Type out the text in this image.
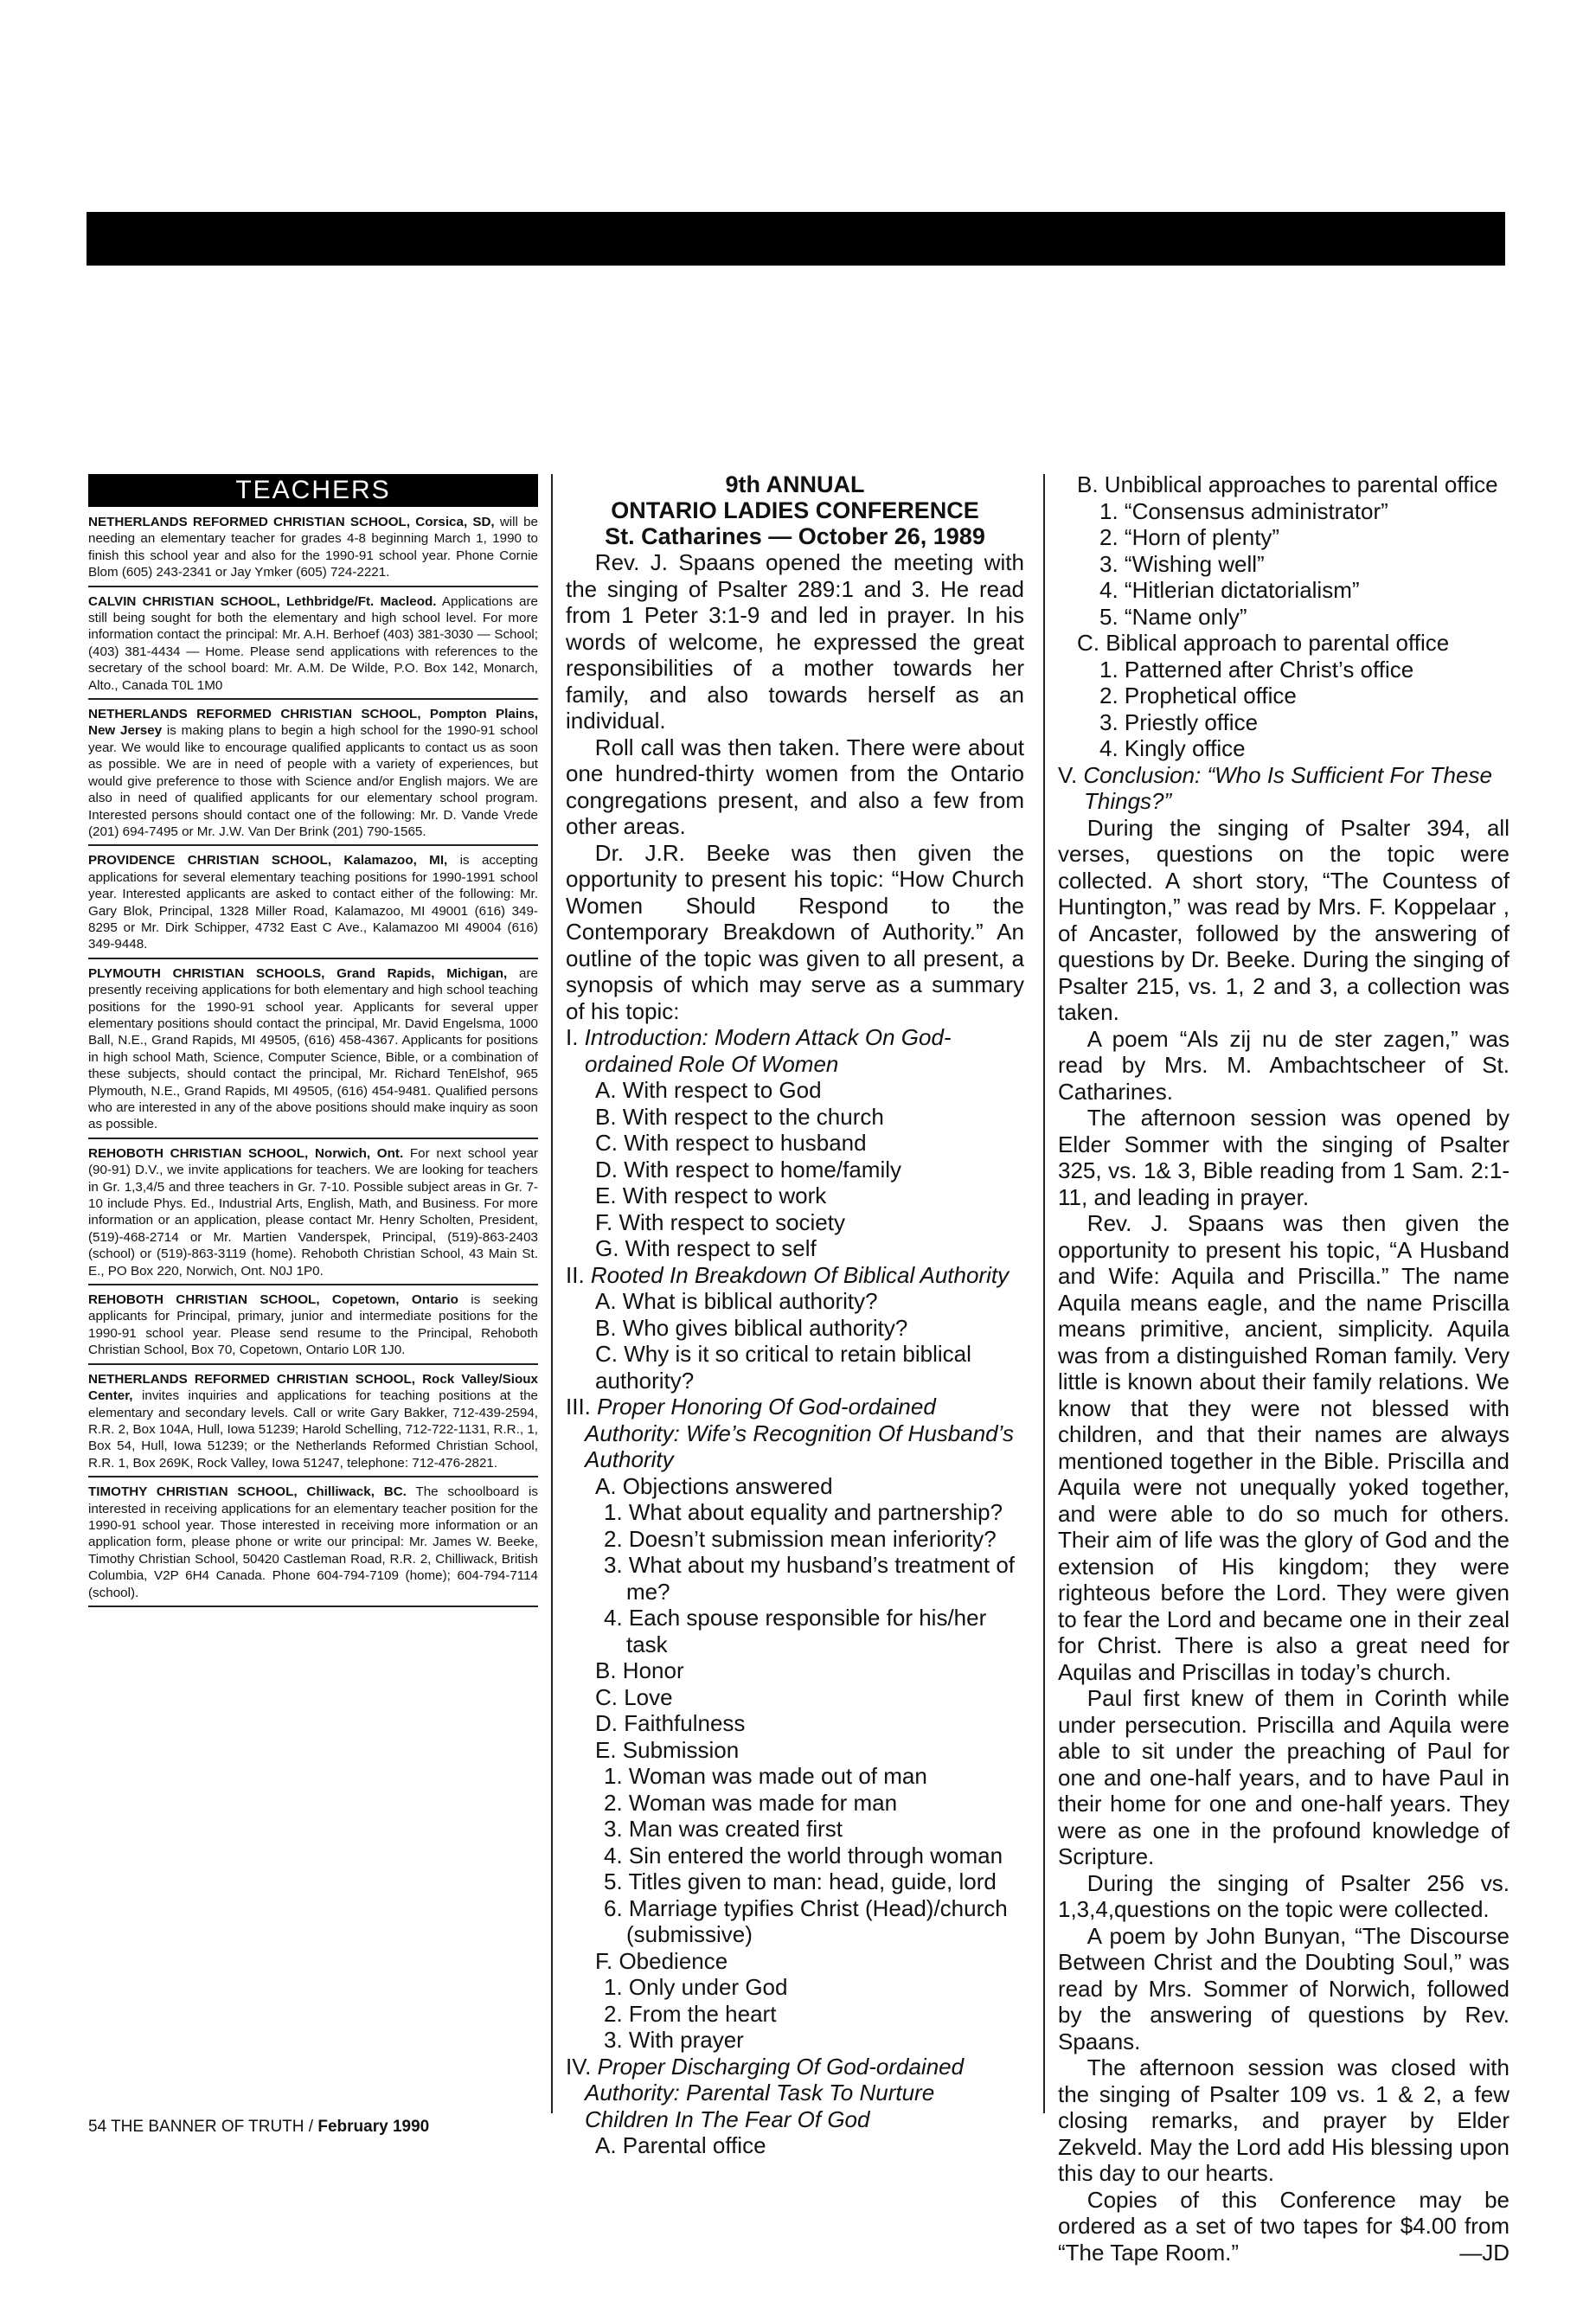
TEACHERS
NETHERLANDS REFORMED CHRISTIAN SCHOOL, Corsica, SD, will be needing an elementary teacher for grades 4-8 beginning March 1, 1990 to finish this school year and also for the 1990-91 school year. Phone Cornie Blom (605) 243-2341 or Jay Ymker (605) 724-2221.
CALVIN CHRISTIAN SCHOOL, Lethbridge/Ft. Macleod. Applications are still being sought for both the elementary and high school level. For more information contact the principal: Mr. A.H. Berhoef (403) 381-3030 — School; (403) 381-4434 — Home. Please send applications with references to the secretary of the school board: Mr. A.M. De Wilde, P.O. Box 142, Monarch, Alto., Canada T0L 1M0
NETHERLANDS REFORMED CHRISTIAN SCHOOL, Pompton Plains, New Jersey is making plans to begin a high school for the 1990-91 school year. We would like to encourage qualified applicants to contact us as soon as possible. We are in need of people with a variety of experiences, but would give preference to those with Science and/or English majors. We are also in need of qualified applicants for our elementary school program. Interested persons should contact one of the following: Mr. D. Vande Vrede (201) 694-7495 or Mr. J.W. Van Der Brink (201) 790-1565.
PROVIDENCE CHRISTIAN SCHOOL, Kalamazoo, MI, is accepting applications for several elementary teaching positions for 1990-1991 school year. Interested applicants are asked to contact either of the following: Mr. Gary Blok, Principal, 1328 Miller Road, Kalamazoo, MI 49001 (616) 349-8295 or Mr. Dirk Schipper, 4732 East C Ave., Kalamazoo MI 49004 (616) 349-9448.
PLYMOUTH CHRISTIAN SCHOOLS, Grand Rapids, Michigan, are presently receiving applications for both elementary and high school teaching positions for the 1990-91 school year. Applicants for several upper elementary positions should contact the principal, Mr. David Engelsma, 1000 Ball, N.E., Grand Rapids, MI 49505, (616) 458-4367. Applicants for positions in high school Math, Science, Computer Science, Bible, or a combination of these subjects, should contact the principal, Mr. Richard TenElshof, 965 Plymouth, N.E., Grand Rapids, MI 49505, (616) 454-9481. Qualified persons who are interested in any of the above positions should make inquiry as soon as possible.
REHOBOTH CHRISTIAN SCHOOL, Norwich, Ont. For next school year (90-91) D.V., we invite applications for teachers. We are looking for teachers in Gr. 1,3,4/5 and three teachers in Gr. 7-10. Possible subject areas in Gr. 7-10 include Phys. Ed., Industrial Arts, English, Math, and Business. For more information or an application, please contact Mr. Henry Scholten, President, (519)-468-2714 or Mr. Martien Vanderspek, Principal, (519)-863-2403 (school) or (519)-863-3119 (home). Rehoboth Christian School, 43 Main St. E., PO Box 220, Norwich, Ont. N0J 1P0.
REHOBOTH CHRISTIAN SCHOOL, Copetown, Ontario is seeking applicants for Principal, primary, junior and intermediate positions for the 1990-91 school year. Please send resume to the Principal, Rehoboth Christian School, Box 70, Copetown, Ontario L0R 1J0.
NETHERLANDS REFORMED CHRISTIAN SCHOOL, Rock Valley/Sioux Center, invites inquiries and applications for teaching positions at the elementary and secondary levels. Call or write Gary Bakker, 712-439-2594, R.R. 2, Box 104A, Hull, Iowa 51239; Harold Schelling, 712-722-1131, R.R., 1, Box 54, Hull, Iowa 51239; or the Netherlands Reformed Christian School, R.R. 1, Box 269K, Rock Valley, Iowa 51247, telephone: 712-476-2821.
TIMOTHY CHRISTIAN SCHOOL, Chilliwack, BC. The schoolboard is interested in receiving applications for an elementary teacher position for the 1990-91 school year. Those interested in receiving more information or an application form, please phone or write our principal: Mr. James W. Beeke, Timothy Christian School, 50420 Castleman Road, R.R. 2, Chilliwack, British Columbia, V2P 6H4 Canada. Phone 604-794-7109 (home); 604-794-7114 (school).
54 THE BANNER OF TRUTH / February 1990
9th ANNUAL
ONTARIO LADIES CONFERENCE
St. Catharines — October 26, 1989

Rev. J. Spaans opened the meeting with the singing of Psalter 289:1 and 3. He read from 1 Peter 3:1-9 and led in prayer. In his words of welcome, he expressed the great responsibilities of a mother towards her family, and also towards herself as an individual.

Roll call was then taken. There were about one hundred-thirty women from the Ontario congregations present, and also a few from other areas.

Dr. J.R. Beeke was then given the opportunity to present his topic: “How Church Women Should Respond to the Contemporary Breakdown of Authority.” An outline of the topic was given to all present, a synopsis of which may serve as a summary of his topic:

I. Introduction: Modern Attack On God-ordained Role Of Women
A. With respect to God
B. With respect to the church
C. With respect to husband
D. With respect to home/family
E. With respect to work
F. With respect to society
G. With respect to self
II. Rooted In Breakdown Of Biblical Authority
A. What is biblical authority?
B. Who gives biblical authority?
C. Why is it so critical to retain biblical authority?
III. Proper Honoring Of God-ordained Authority: Wife’s Recognition Of Husband’s Authority
A. Objections answered
1. What about equality and partnership?
2. Doesn’t submission mean inferiority?
3. What about my husband’s treatment of me?
4. Each spouse responsible for his/her task
B. Honor
C. Love
D. Faithfulness
E. Submission
1. Woman was made out of man
2. Woman was made for man
3. Man was created first
4. Sin entered the world through woman
5. Titles given to man: head, guide, lord
6. Marriage typifies Christ (Head)/church (submissive)
F. Obedience
1. Only under God
2. From the heart
3. With prayer
IV. Proper Discharging Of God-ordained Authority: Parental Task To Nurture Children In The Fear Of God
A. Parental office
B. Unbiblical approaches to parental office
1. “Consensus administrator”
2. “Horn of plenty”
3. “Wishing well”
4. “Hitlerian dictatorialism”
5. “Name only”
C. Biblical approach to parental office
1. Patterned after Christ’s office
2. Prophetical office
3. Priestly office
4. Kingly office
V. Conclusion: “Who Is Sufficient For These Things?”

During the singing of Psalter 394, all verses, questions on the topic were collected. A short story, “The Countess of Huntington,” was read by Mrs. F. Koppelaar , of Ancaster, followed by the answering of questions by Dr. Beeke. During the singing of Psalter 215, vs. 1, 2 and 3, a collection was taken.

A poem “Als zij nu de ster zagen,” was read by Mrs. M. Ambachtscheer of St. Catharines.

The afternoon session was opened by Elder Sommer with the singing of Psalter 325, vs. 1& 3, Bible reading from 1 Sam. 2:1-11, and leading in prayer.

Rev. J. Spaans was then given the opportunity to present his topic, “A Husband and Wife: Aquila and Priscilla.” The name Aquila means eagle, and the name Priscilla means primitive, ancient, simplicity. Aquila was from a distinguished Roman family. Very little is known about their family relations. We know that they were not blessed with children, and that their names are always mentioned together in the Bible. Priscilla and Aquila were not unequally yoked together, and were able to do so much for others. Their aim of life was the glory of God and the extension of His kingdom; they were righteous before the Lord. They were given to fear the Lord and became one in their zeal for Christ. There is also a great need for Aquilas and Priscillas in today’s church.

Paul first knew of them in Corinth while under persecution. Priscilla and Aquila were able to sit under the preaching of Paul for one and one-half years, and to have Paul in their home for one and one-half years. They were as one in the profound knowledge of Scripture.

During the singing of Psalter 256 vs. 1,3,4,questions on the topic were collected.

A poem by John Bunyan, “The Discourse Between Christ and the Doubting Soul,” was read by Mrs. Sommer of Norwich, followed by the answering of questions by Rev. Spaans.

The afternoon session was closed with the singing of Psalter 109 vs. 1 & 2, a few closing remarks, and prayer by Elder Zekveld. May the Lord add His blessing upon this day to our hearts.

Copies of this Conference may be ordered as a set of two tapes for $4.00 from “The Tape Room.”	—JD
